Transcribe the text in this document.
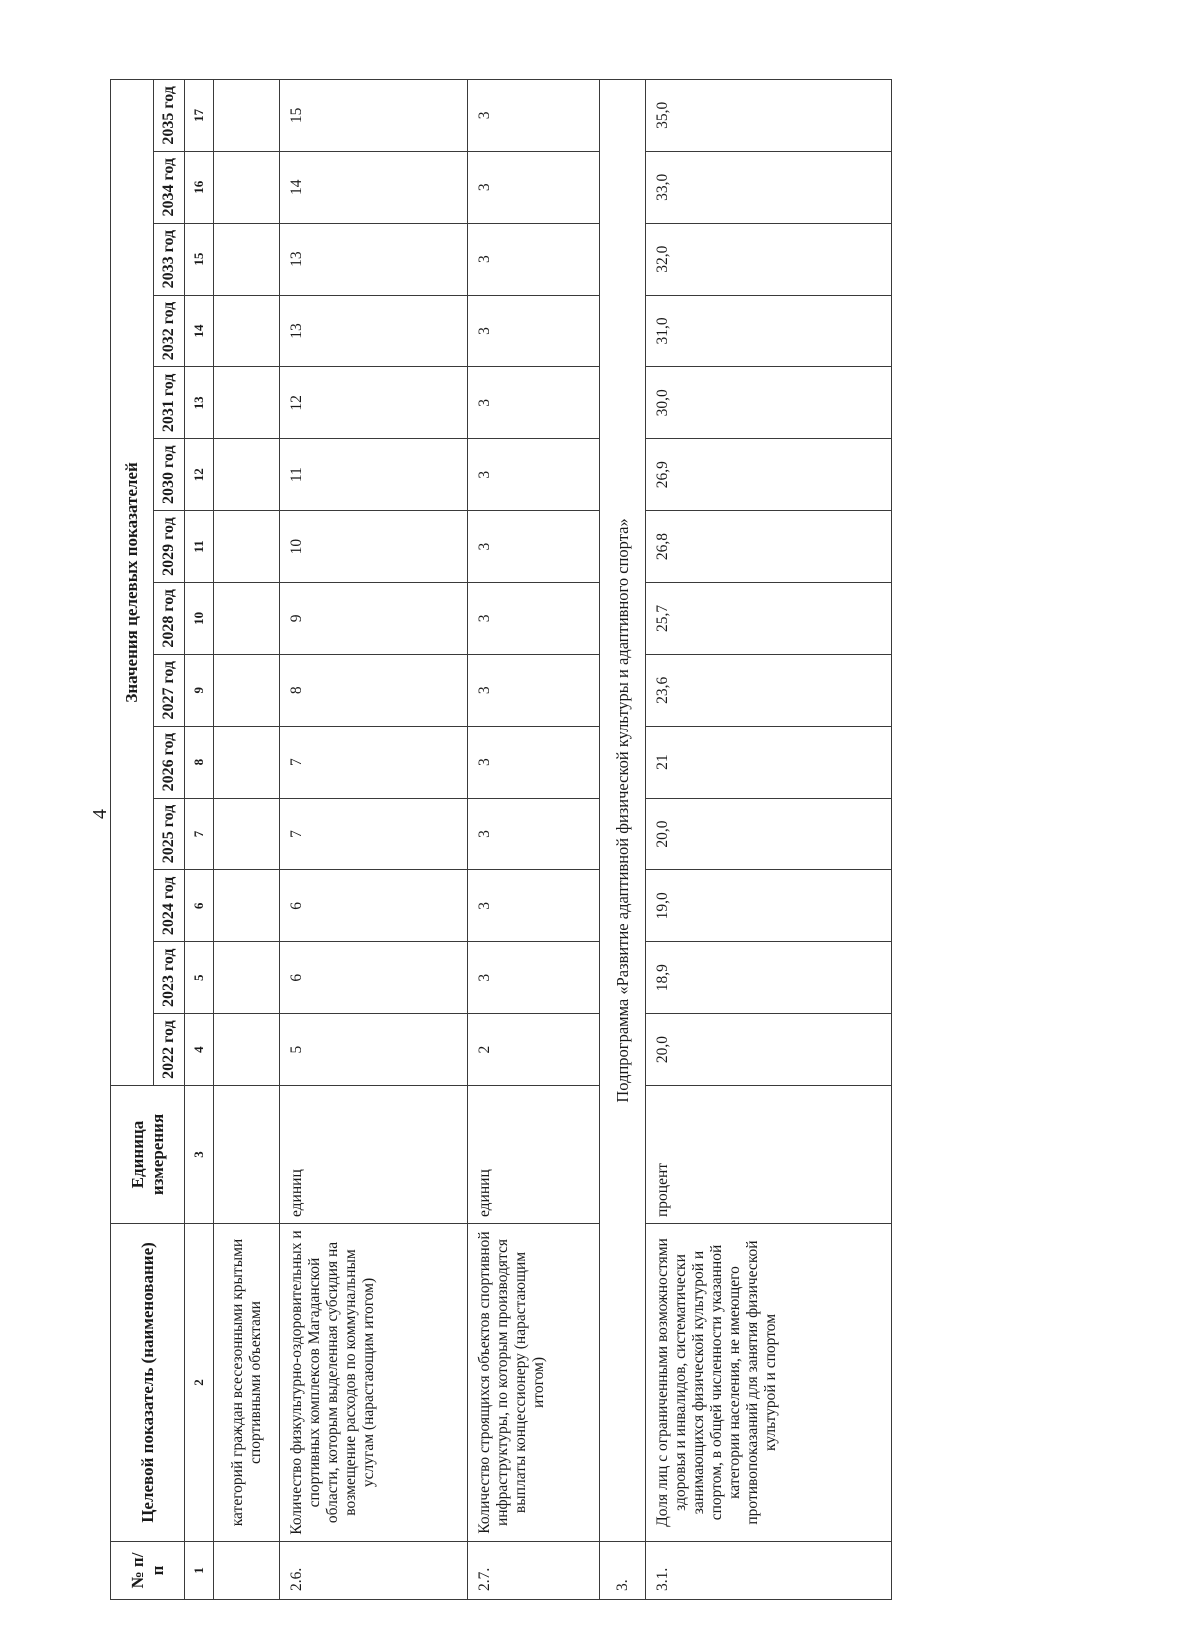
4
№ п/п	Целевой показатель (наименование)	Единица измерения	Значения целевых показателей													
			2022 год	2023 год	2024 год	2025 год	2026 год	2027 год	2028 год	2029 год	2030 год	2031 год	2032 год	2033 год	2034 год	2035 год
1	2	3	4	5	6	7	8	9	10	11	12	13	14	15	16	17
	категорий граждан всесезонными крытыми спортивными объектами															
2.6.	Количество физкультурно-оздоровительных и спортивных комплексов Магаданской области, которым выделенная субсидия на возмещение расходов по коммунальным услугам (нарастающим итогом)	единиц	5	6	6	7	7	8	9	10	11	12	13	13	14	15
2.7.	Количество строящихся объектов спортивной инфраструктуры, по которым производятся выплаты концессионеру (нарастающим итогом)	единиц	2	3	3	3	3	3	3	3	3	3	3	3	3	3
3.	Подпрограмма «Развитие адаптивной физической культуры и адаптивного спорта»															
3.1.	Доля лиц с ограниченными возможностями здоровья и инвалидов, систематически занимающихся физической культурой и спортом, в общей численности указанной категории населения, не имеющего противопоказаний для занятия физической культурой и спортом	процент	20,0	18,9	19,0	20,0	21	23,6	25,7	26,8	26,9	30,0	31,0	32,0	33,0	35,0
